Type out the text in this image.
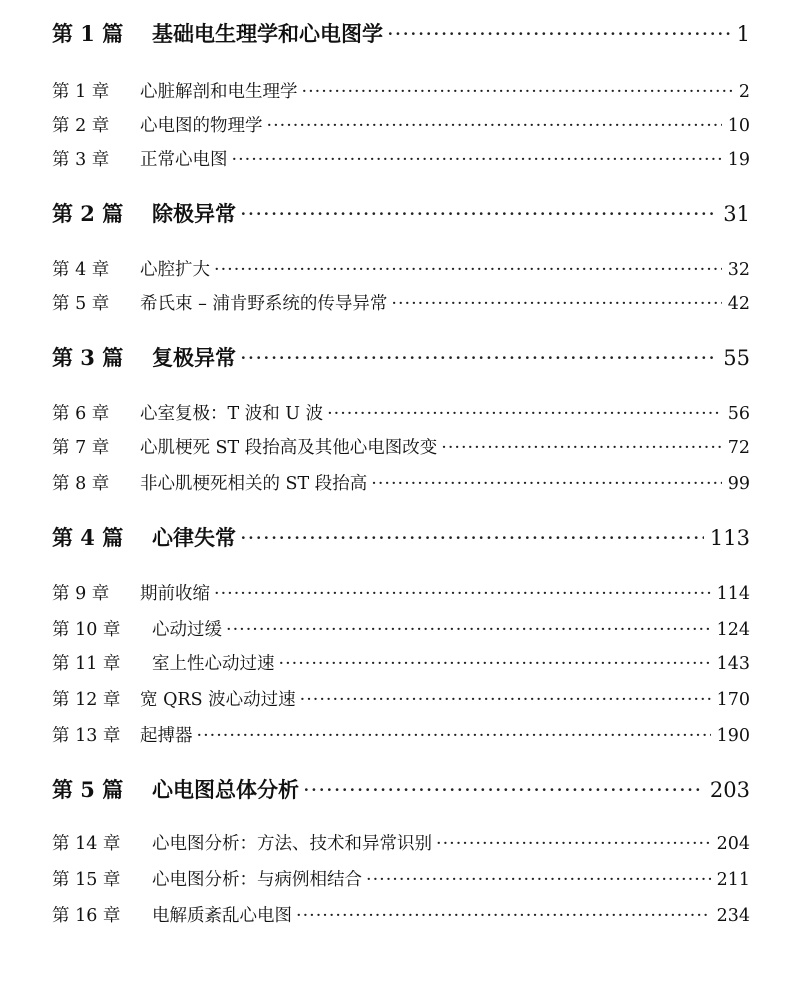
第 1 篇	基础电生理学和心电图学 ·····	1
第 1 章	心脏解剖和电生理学 ·····	2
第 2 章	心电图的物理学 ·····	10
第 3 章	正常心电图 ·····	19
第 2 篇	除极异常 ·····	31
第 4 章	心腔扩大 ·····	32
第 5 章	希氏束 – 浦肯野系统的传导异常 ·····	42
第 3 篇	复极异常 ·····	55
第 6 章	心室复极：T 波和 U 波 ·····	56
第 7 章	心肌梗死 ST 段抬高及其他心电图改变 ·····	72
第 8 章	非心肌梗死相关的 ST 段抬高 ·····	99
第 4 篇	心律失常 ·····	113
第 9 章	期前收缩 ·····	114
第 10 章	心动过缓 ·····	124
第 11 章	室上性心动过速 ·····	143
第 12 章	宽 QRS 波心动过速 ·····	170
第 13 章	起搏器 ·····	190
第 5 篇	心电图总体分析 ·····	203
第 14 章	心电图分析：方法、技术和异常识别 ·····	204
第 15 章	心电图分析：与病例相结合 ·····	211
第 16 章	电解质紊乱心电图 ·····	234
